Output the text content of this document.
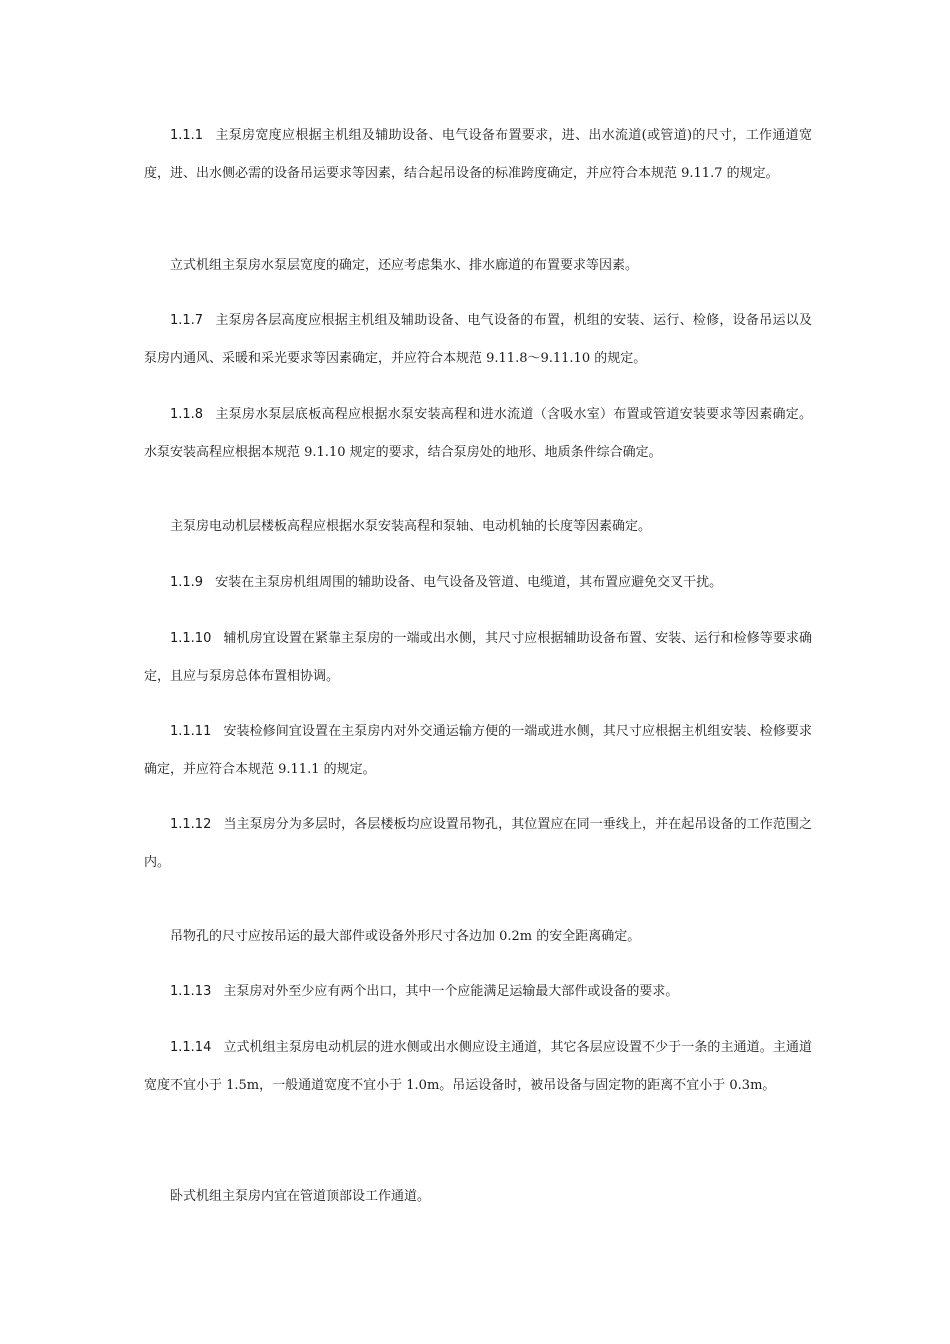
1.1.1 主泵房宽度应根据主机组及辅助设备、电气设备布置要求，进、出水流道(或管道)的尺寸，工作通道宽度，进、出水侧必需的设备吊运要求等因素，结合起吊设备的标准跨度确定，并应符合本规范 9.11.7 的规定。

立式机组主泵房水泵层宽度的确定，还应考虑集水、排水廊道的布置要求等因素。

1.1.7 主泵房各层高度应根据主机组及辅助设备、电气设备的布置，机组的安装、运行、检修，设备吊运以及泵房内通风、采暖和采光要求等因素确定，并应符合本规范 9.11.8～9.11.10 的规定。

1.1.8 主泵房水泵层底板高程应根据水泵安装高程和进水流道（含吸水室）布置或管道安装要求等因素确定。水泵安装高程应根据本规范 9.1.10 规定的要求，结合泵房处的地形、地质条件综合确定。

主泵房电动机层楼板高程应根据水泵安装高程和泵轴、电动机轴的长度等因素确定。

1.1.9 安装在主泵房机组周围的辅助设备、电气设备及管道、电缆道，其布置应避免交叉干扰。

1.1.10 辅机房宜设置在紧靠主泵房的一端或出水侧，其尺寸应根据辅助设备布置、安装、运行和检修等要求确定，且应与泵房总体布置相协调。

1.1.11 安装检修间宜设置在主泵房内对外交通运输方便的一端或进水侧，其尺寸应根据主机组安装、检修要求确定，并应符合本规范 9.11.1 的规定。

1.1.12 当主泵房分为多层时，各层楼板均应设置吊物孔，其位置应在同一垂线上，并在起吊设备的工作范围之内。

吊物孔的尺寸应按吊运的最大部件或设备外形尺寸各边加 0.2m 的安全距离确定。

1.1.13 主泵房对外至少应有两个出口，其中一个应能满足运输最大部件或设备的要求。

1.1.14 立式机组主泵房电动机层的进水侧或出水侧应设主通道，其它各层应设置不少于一条的主通道。主通道宽度不宜小于 1.5m，一般通道宽度不宜小于 1.0m。吊运设备时，被吊设备与固定物的距离不宜小于 0.3m。

卧式机组主泵房内宜在管道顶部设工作通道。
